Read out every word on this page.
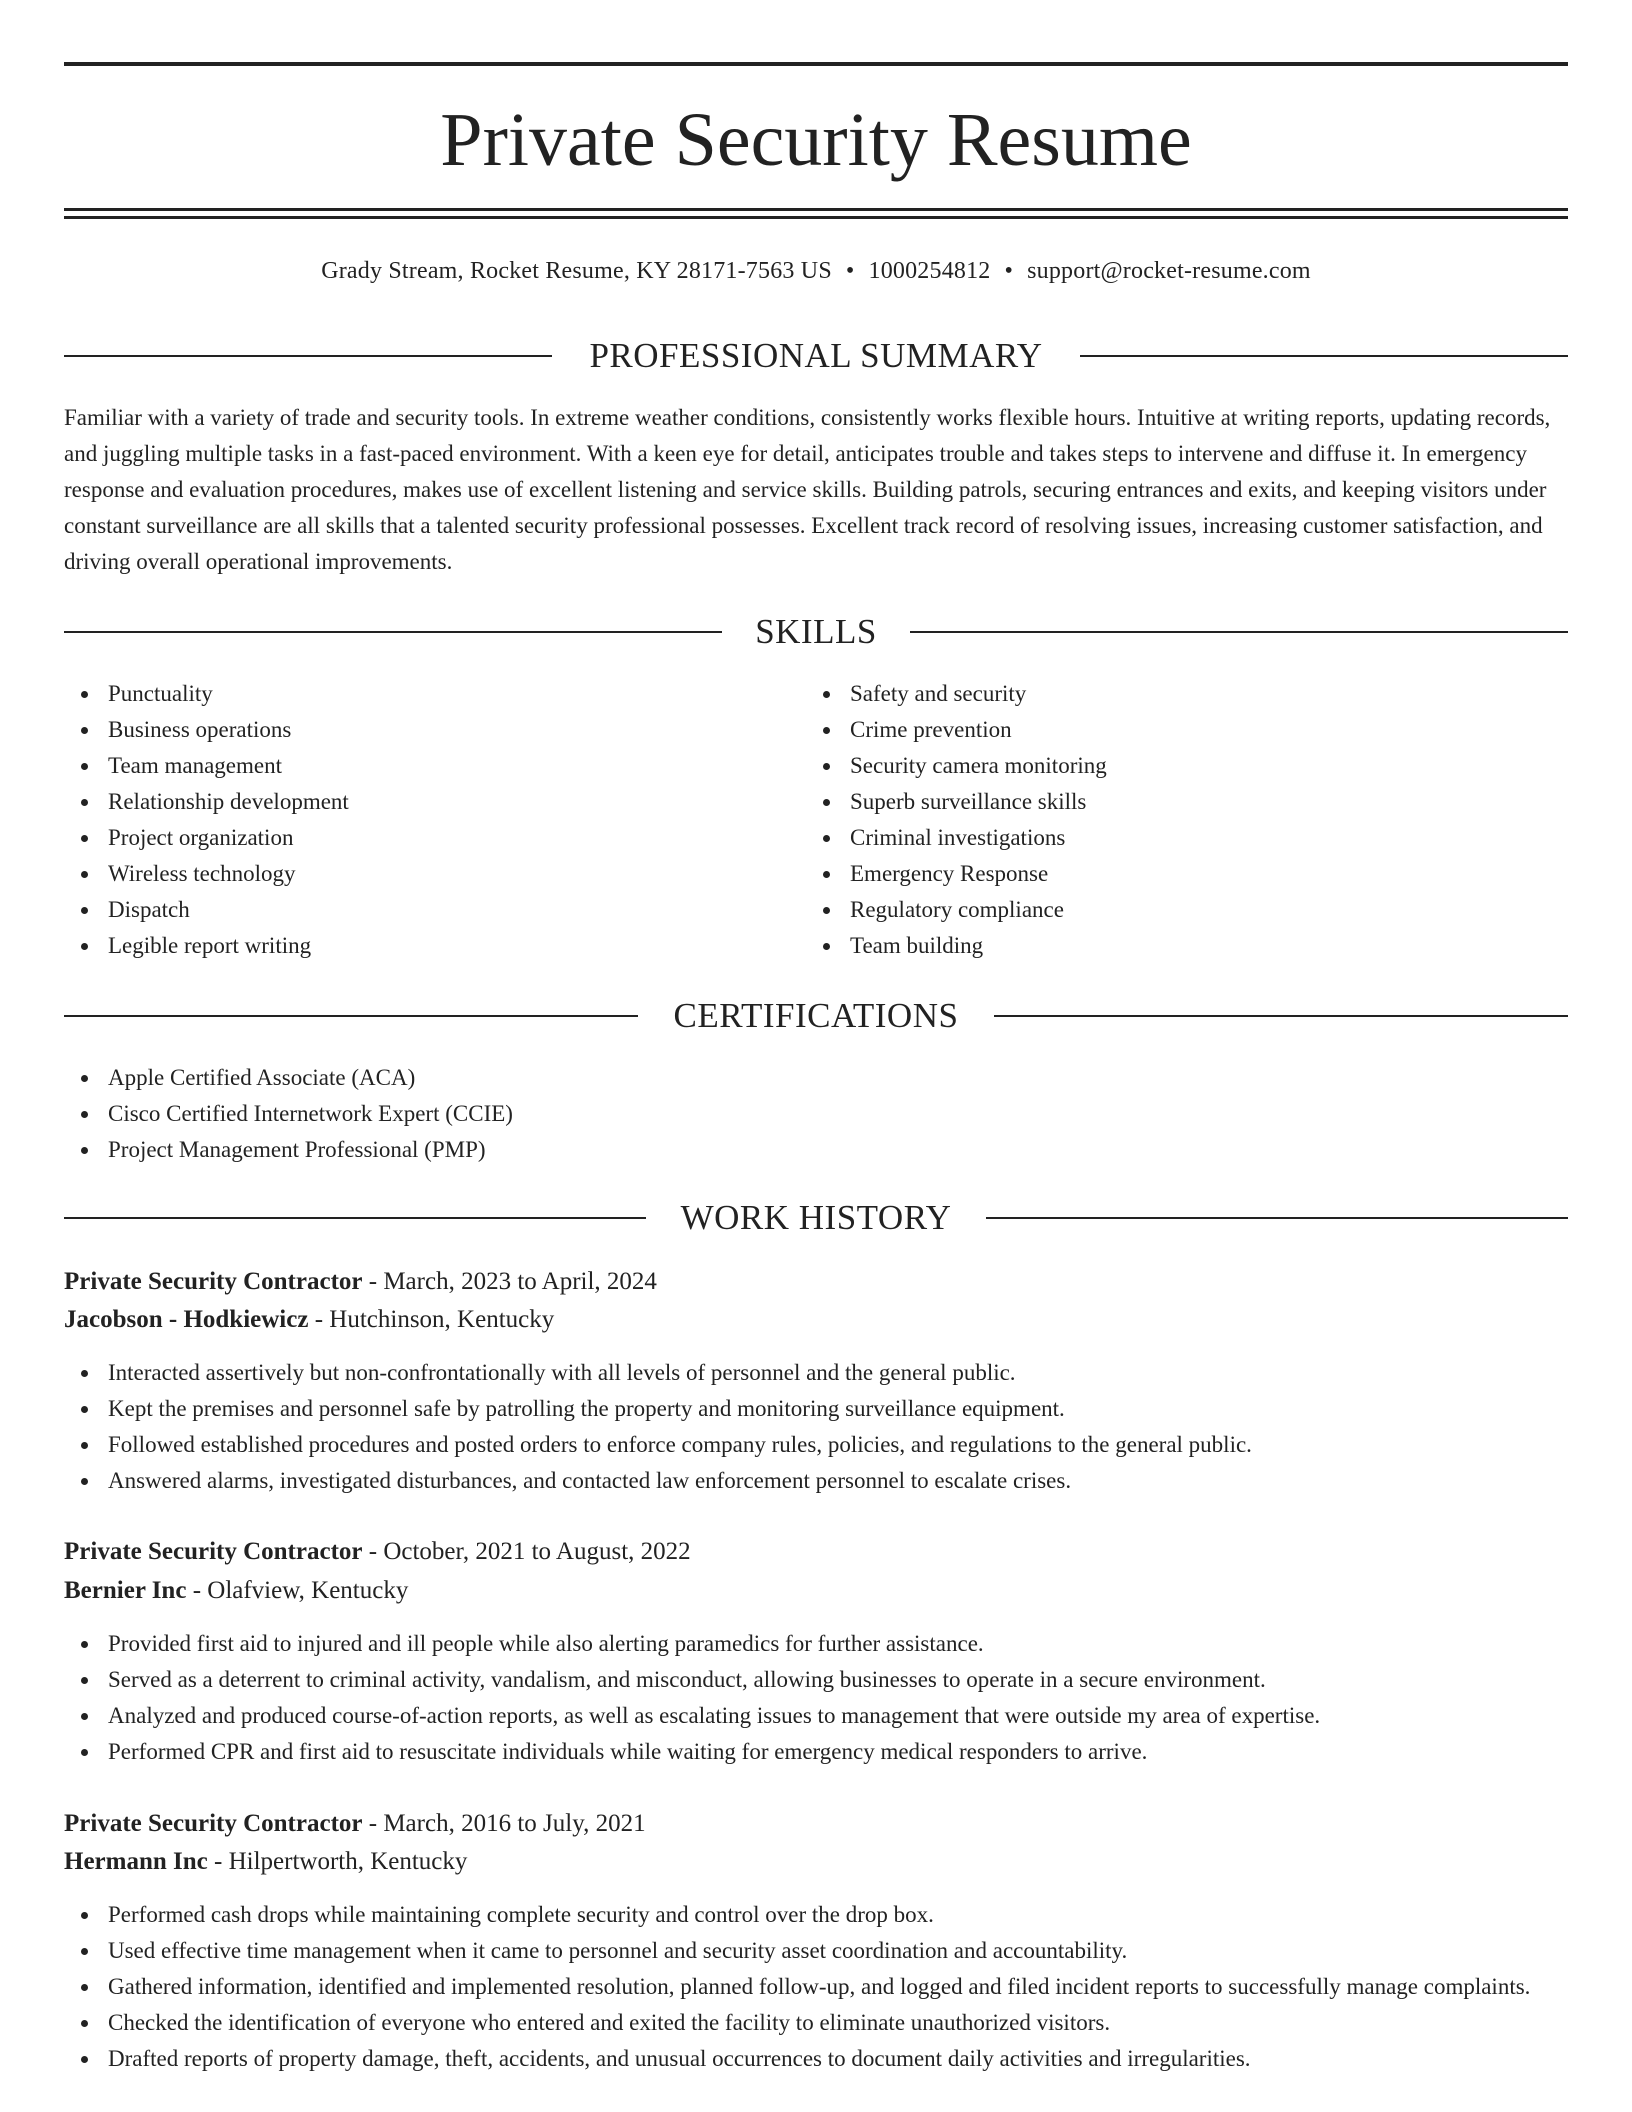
Private Security Resume
Grady Stream, Rocket Resume, KY 28171-7563 US • 1000254812 • support@rocket-resume.com
PROFESSIONAL SUMMARY

Familiar with a variety of trade and security tools. In extreme weather conditions, consistently works flexible hours. Intuitive at writing reports, updating records, and juggling multiple tasks in a fast-paced environment. With a keen eye for detail, anticipates trouble and takes steps to intervene and diffuse it. In emergency response and evaluation procedures, makes use of excellent listening and service skills. Building patrols, securing entrances and exits, and keeping visitors under constant surveillance are all skills that a talented security professional possesses. Excellent track record of resolving issues, increasing customer satisfaction, and driving overall operational improvements.

SKILLS
Punctuality
Business operations
Team management
Relationship development
Project organization
Wireless technology
Dispatch
Legible report writing
Safety and security
Crime prevention
Security camera monitoring
Superb surveillance skills
Criminal investigations
Emergency Response
Regulatory compliance
Team building
CERTIFICATIONS
Apple Certified Associate (ACA)
Cisco Certified Internetwork Expert (CCIE)
Project Management Professional (PMP)
WORK HISTORY
Private Security Contractor - March, 2023 to April, 2024
Jacobson - Hodkiewicz - Hutchinson, Kentucky
Interacted assertively but non-confrontationally with all levels of personnel and the general public.
Kept the premises and personnel safe by patrolling the property and monitoring surveillance equipment.
Followed established procedures and posted orders to enforce company rules, policies, and regulations to the general public.
Answered alarms, investigated disturbances, and contacted law enforcement personnel to escalate crises.
Private Security Contractor - October, 2021 to August, 2022
Bernier Inc - Olafview, Kentucky
Provided first aid to injured and ill people while also alerting paramedics for further assistance.
Served as a deterrent to criminal activity, vandalism, and misconduct, allowing businesses to operate in a secure environment.
Analyzed and produced course-of-action reports, as well as escalating issues to management that were outside my area of expertise.
Performed CPR and first aid to resuscitate individuals while waiting for emergency medical responders to arrive.
Private Security Contractor - March, 2016 to July, 2021
Hermann Inc - Hilpertworth, Kentucky
Performed cash drops while maintaining complete security and control over the drop box.
Used effective time management when it came to personnel and security asset coordination and accountability.
Gathered information, identified and implemented resolution, planned follow-up, and logged and filed incident reports to successfully manage complaints.
Checked the identification of everyone who entered and exited the facility to eliminate unauthorized visitors.
Drafted reports of property damage, theft, accidents, and unusual occurrences to document daily activities and irregularities.
